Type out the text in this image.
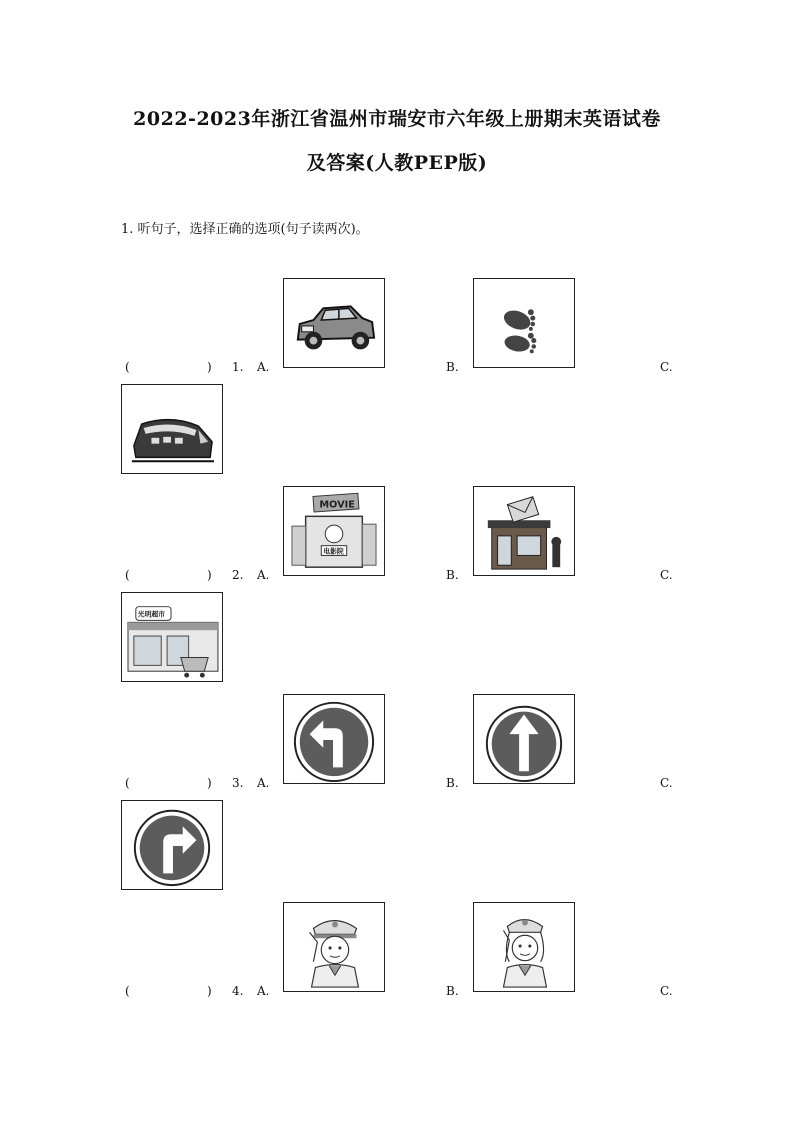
2022-2023年浙江省温州市瑞安市六年级上册期末英语试卷
及答案(人教PEP版)
1. 听句子，选择正确的选项(句子读两次)。
(	) 1. A.	B.	C.
MOVIE
电影院
(	) 2. A.	B.	C.
光明超市
(	) 3. A.	B.	C.
(	) 4. A.	B.	C.
